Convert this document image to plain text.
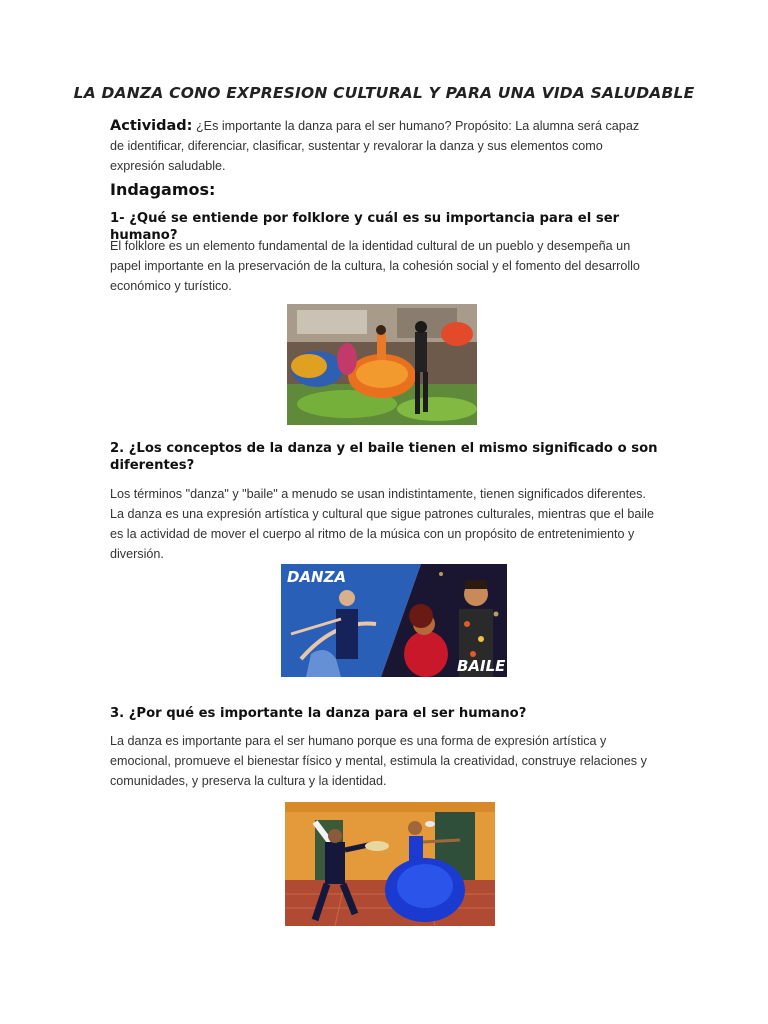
LA DANZA CONO EXPRESION CULTURAL Y PARA UNA VIDA SALUDABLE
Actividad: ¿Es importante la danza para el ser humano? Propósito: La alumna será capaz de identificar, diferenciar, clasificar, sustentar y revalorar la danza y sus elementos como expresión saludable.
Indagamos:
1- ¿Qué se entiende por folklore y cuál es su importancia para el ser humano?
El folklore es un elemento fundamental de la identidad cultural de un pueblo y desempeña un papel importante en la preservación de la cultura, la cohesión social y el fomento del desarrollo económico y turístico.
2. ¿Los conceptos de la danza y el baile tienen el mismo significado o son diferentes?
Los términos "danza" y "baile" a menudo se usan indistintamente, tienen significados diferentes. La danza es una expresión artística y cultural que sigue patrones culturales, mientras que el baile es la actividad de mover el cuerpo al ritmo de la música con un propósito de entretenimiento y diversión.
DANZA
BAILE
3. ¿Por qué es importante la danza para el ser humano?
La danza es importante para el ser humano porque es una forma de expresión artística y emocional, promueve el bienestar físico y mental, estimula la creatividad, construye relaciones y comunidades, y preserva la cultura y la identidad.
